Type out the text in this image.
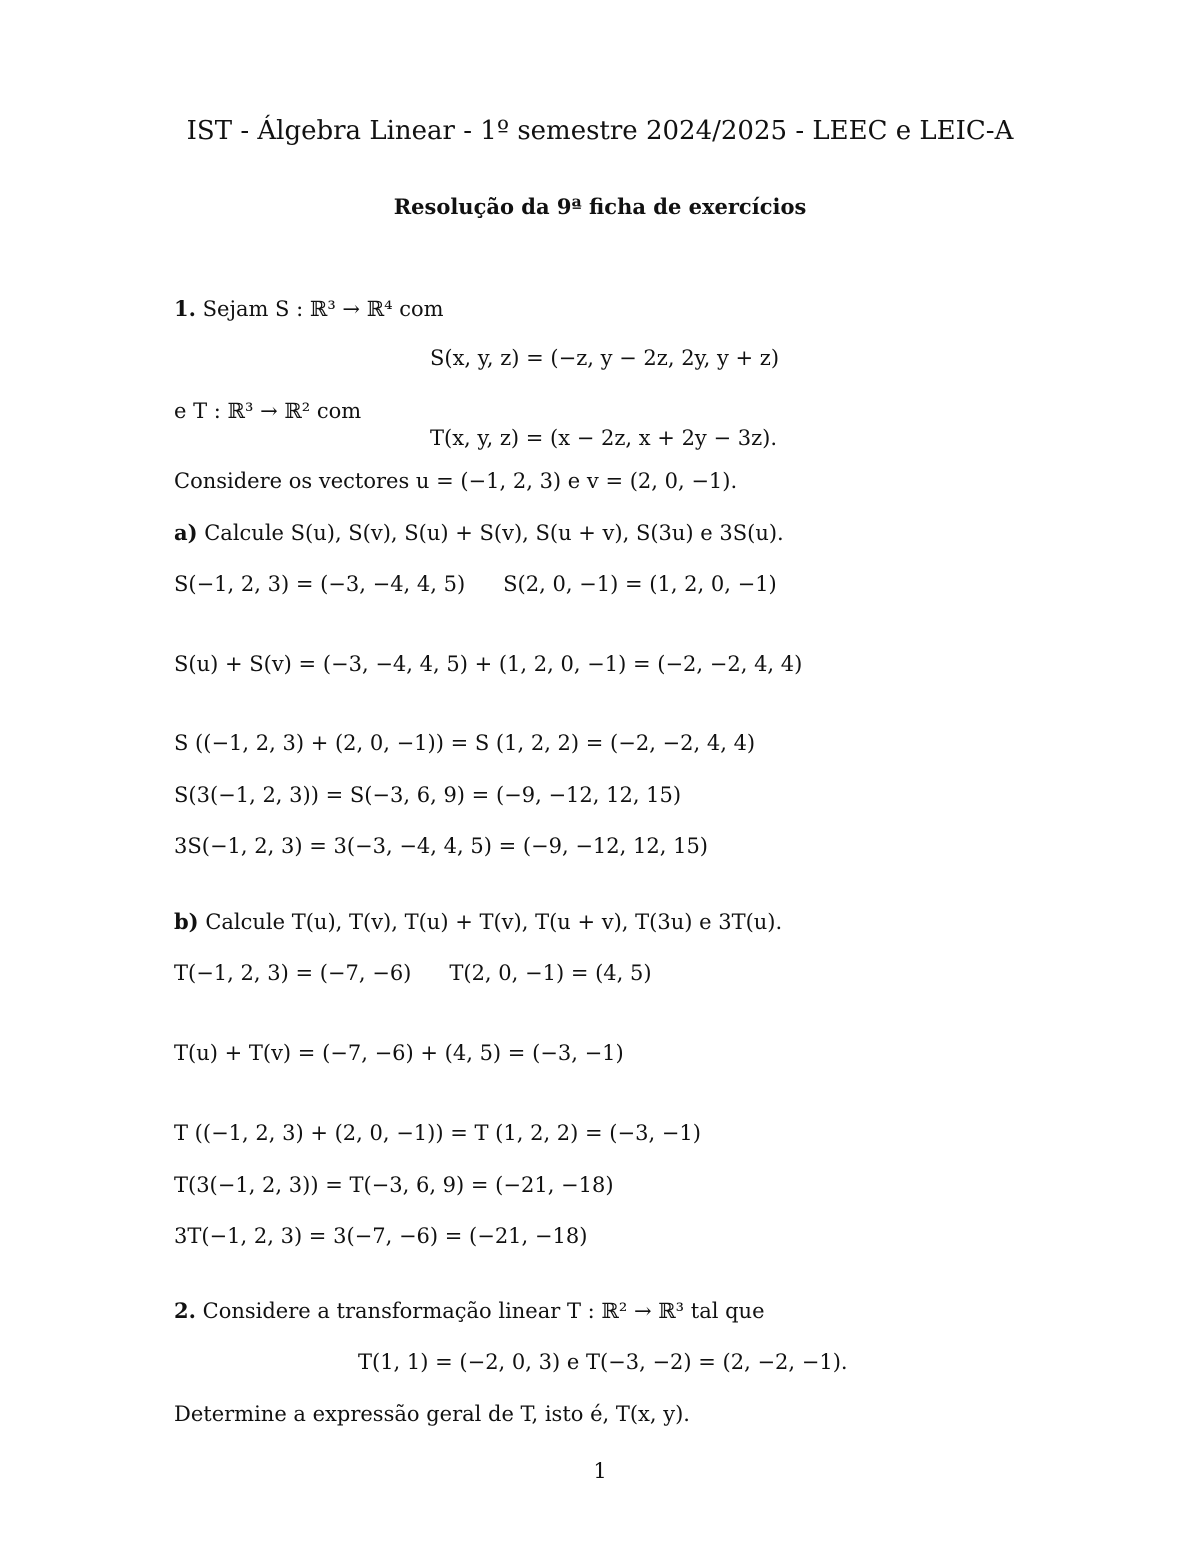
IST - Álgebra Linear - 1º semestre 2024/2025 - LEEC e LEIC-A
Resolução da 9ª ficha de exercícios
1. Sejam S : ℝ³ → ℝ⁴ com
S(x, y, z) = (−z, y − 2z, 2y, y + z)
e T : ℝ³ → ℝ² com
T(x, y, z) = (x − 2z, x + 2y − 3z).
Considere os vectores u = (−1, 2, 3) e v = (2, 0, −1).
a) Calcule S(u), S(v), S(u) + S(v), S(u + v), S(3u) e 3S(u).
S(−1, 2, 3) = (−3, −4, 4, 5) S(2, 0, −1) = (1, 2, 0, −1)
S(u) + S(v) = (−3, −4, 4, 5) + (1, 2, 0, −1) = (−2, −2, 4, 4)
S ((−1, 2, 3) + (2, 0, −1)) = S (1, 2, 2) = (−2, −2, 4, 4)
S(3(−1, 2, 3)) = S(−3, 6, 9) = (−9, −12, 12, 15)
3S(−1, 2, 3) = 3(−3, −4, 4, 5) = (−9, −12, 12, 15)
b) Calcule T(u), T(v), T(u) + T(v), T(u + v), T(3u) e 3T(u).
T(−1, 2, 3) = (−7, −6) T(2, 0, −1) = (4, 5)
T(u) + T(v) = (−7, −6) + (4, 5) = (−3, −1)
T ((−1, 2, 3) + (2, 0, −1)) = T (1, 2, 2) = (−3, −1)
T(3(−1, 2, 3)) = T(−3, 6, 9) = (−21, −18)
3T(−1, 2, 3) = 3(−7, −6) = (−21, −18)
2. Considere a transformação linear T : ℝ² → ℝ³ tal que
T(1, 1) = (−2, 0, 3) e T(−3, −2) = (2, −2, −1).
Determine a expressão geral de T, isto é, T(x, y).
1
